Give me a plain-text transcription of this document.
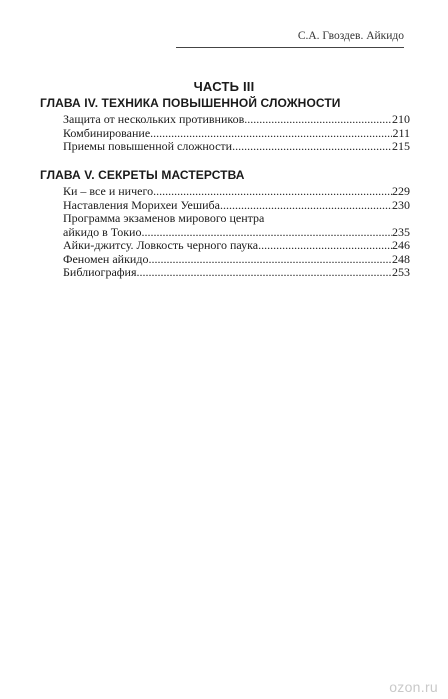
С.А. Гвоздев. Айкидо
ЧАСТЬ III
ГЛАВА IV. ТЕХНИКА ПОВЫШЕННОЙ СЛОЖНОСТИ
Защита от нескольких противников .....	210
Комбинирование .....	211
Приемы повышенной сложности .....	215
ГЛАВА V. СЕКРЕТЫ МАСТЕРСТВА
Ки – все и ничего .....	229
Наставления Морихеи Уешиба .....	230
Программа экзаменов мирового центра
айкидо в Токио .....	235
Айки-джитсу. Ловкость черного паука .....	246
Феномен айкидо .....	248
Библиография .....	253
ozon.ru
